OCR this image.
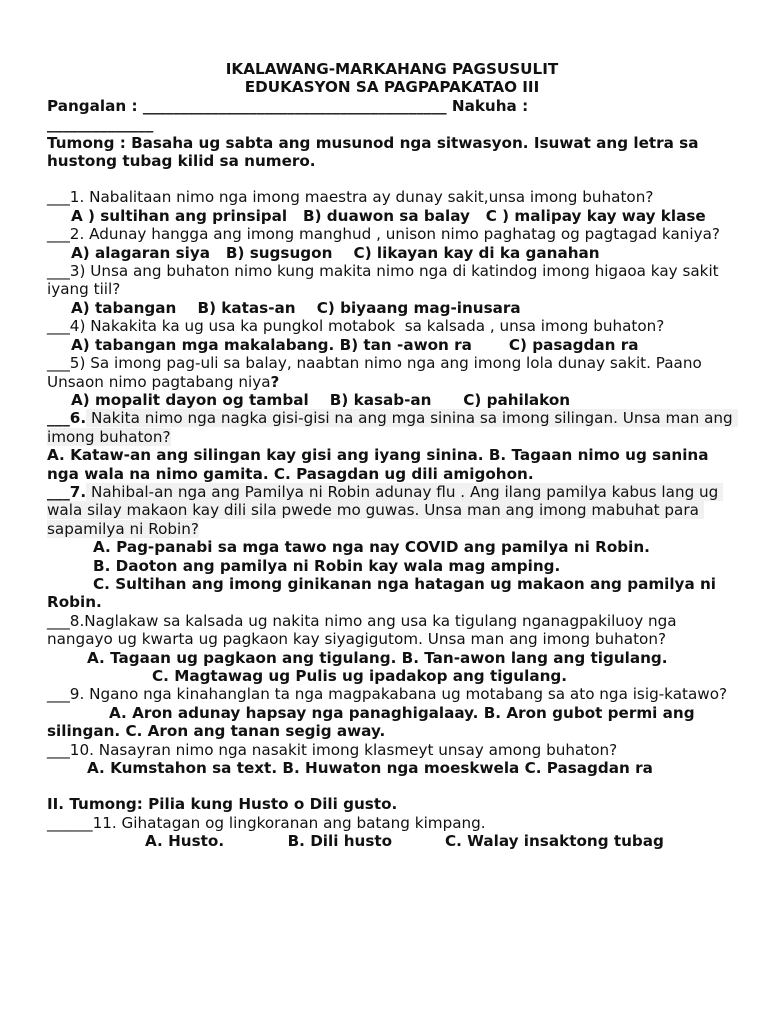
IKALAWANG-MARKAHANG PAGSUSULIT
EDUKASYON SA PAGPAPAKATAO III
Pangalan : ________________________________________ Nakuha :
______________
Tumong : Basaha ug sabta ang musunod nga sitwasyon. Isuwat ang letra sa hustong tubag kilid sa numero.
___1. Nabalitaan nimo nga imong maestra ay dunay sakit,unsa imong buhaton?
A ) sultihan ang prinsipal   B) duawon sa balay   C ) malipay kay way klase
___2. Adunay hangga ang imong manghud , unison nimo paghatag og pagtagad kaniya?
A) alagaran siya   B) sugsugon    C) likayan kay di ka ganahan
___3) Unsa ang buhaton nimo kung makita nimo nga di katindog imong higaoa kay sakit iyang tiil?
A) tabangan    B) katas-an    C) biyaang mag-inusara
___4) Nakakita ka ug usa ka pungkol motabok  sa kalsada , unsa imong buhaton?
A) tabangan mga makalabang. B) tan -awon ra       C) pasagdan ra
___5) Sa imong pag-uli sa balay, naabtan nimo nga ang imong lola dunay sakit. Paano Unsaon nimo pagtabang niya?
A) mopalit dayon og tambal    B) kasab-an      C) pahilakon
___6. Nakita nimo nga nagka gisi-gisi na ang mga sinina sa imong silingan. Unsa man ang imong buhaton?
A. Kataw-an ang silingan kay gisi ang iyang sinina. B. Tagaan nimo ug sanina nga wala na nimo gamita. C. Pasagdan ug dili amigohon.
___7. Nahibal-an nga ang Pamilya ni Robin adunay flu . Ang ilang pamilya kabus lang ug wala silay makaon kay dili sila pwede mo guwas. Unsa man ang imong mabuhat para sapamilya ni Robin?
A. Pag-panabi sa mga tawo nga nay COVID ang pamilya ni Robin.
B. Daoton ang pamilya ni Robin kay wala mag amping.
C. Sultihan ang imong ginikanan nga hatagan ug makaon ang pamilya ni Robin.
___8.Naglakaw sa kalsada ug nakita nimo ang usa ka tigulang nganagpakiluoy nga nangayo ug kwarta ug pagkaon kay siyagigutom. Unsa man ang imong buhaton?
A. Tagaan ug pagkaon ang tigulang. B. Tan-awon lang ang tigulang.
C. Magtawag ug Pulis ug ipadakop ang tigulang.
___9. Ngano nga kinahanglan ta nga magpakabana ug motabang sa ato nga isig-katawo?
A. Aron adunay hapsay nga panaghigalaay. B. Aron gubot permi ang silingan. C. Aron ang tanan segig away.
___10. Nasayran nimo nga nasakit imong klasmeyt unsay among buhaton?
A. Kumstahon sa text. B. Huwaton nga moeskwela C. Pasagdan ra
II. Tumong: Pilia kung Husto o Dili gusto.
______11. Gihatagan og lingkoranan ang batang kimpang.
A. Husto.            B. Dili husto          C. Walay insaktong tubag
